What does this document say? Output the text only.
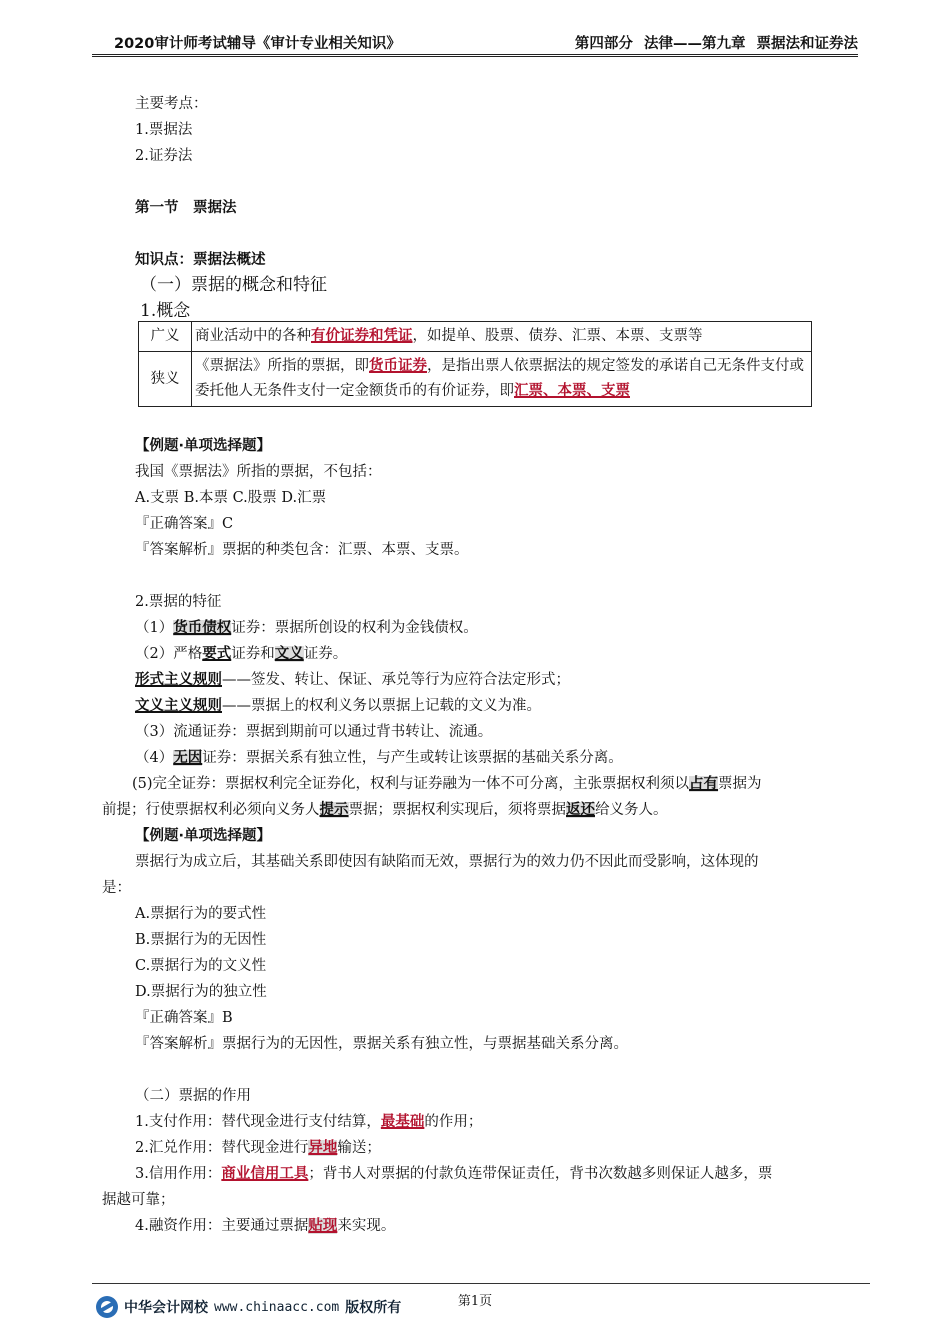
2020审计师考试辅导《审计专业相关知识》	第四部分 法律——第九章 票据法和证券法
主要考点：
1.票据法
2.证券法
第一节　票据法
知识点：票据法概述
（一）票据的概念和特征
1.概念
广义	商业活动中的各种有价证券和凭证，如提单、股票、债券、汇票、本票、支票等
狭义	《票据法》所指的票据，即货币证券，是指出票人依票据法的规定签发的承诺自己无条件支付或委托他人无条件支付一定金额货币的有价证券，即汇票、本票、支票
【例题·单项选择题】
我国《票据法》所指的票据，不包括：
A.支票 B.本票 C.股票 D.汇票
『正确答案』C
『答案解析』票据的种类包含：汇票、本票、支票。
2.票据的特征
（1）货币债权证券：票据所创设的权利为金钱债权。
（2）严格要式证券和文义证券。
形式主义规则——签发、转让、保证、承兑等行为应符合法定形式；
文义主义规则——票据上的权利义务以票据上记载的文义为准。
（3）流通证券：票据到期前可以通过背书转让、流通。
（4）无因证券：票据关系有独立性，与产生或转让该票据的基础关系分离。
(5)完全证券：票据权利完全证券化，权利与证券融为一体不可分离，主张票据权利须以占有票据为
前提；行使票据权利必须向义务人提示票据；票据权利实现后，须将票据返还给义务人。
【例题·单项选择题】
票据行为成立后，其基础关系即使因有缺陷而无效，票据行为的效力仍不因此而受影响，这体现的
是：
A.票据行为的要式性
B.票据行为的无因性
C.票据行为的文义性
D.票据行为的独立性
『正确答案』B
『答案解析』票据行为的无因性，票据关系有独立性，与票据基础关系分离。
（二）票据的作用
1.支付作用：替代现金进行支付结算，最基础的作用；
2.汇兑作用：替代现金进行异地输送；
3.信用作用：商业信用工具；背书人对票据的付款负连带保证责任，背书次数越多则保证人越多，票
据越可靠；
4.融资作用：主要通过票据贴现来实现。
第1页
中华会计网校 www.chinaacc.com 版权所有
